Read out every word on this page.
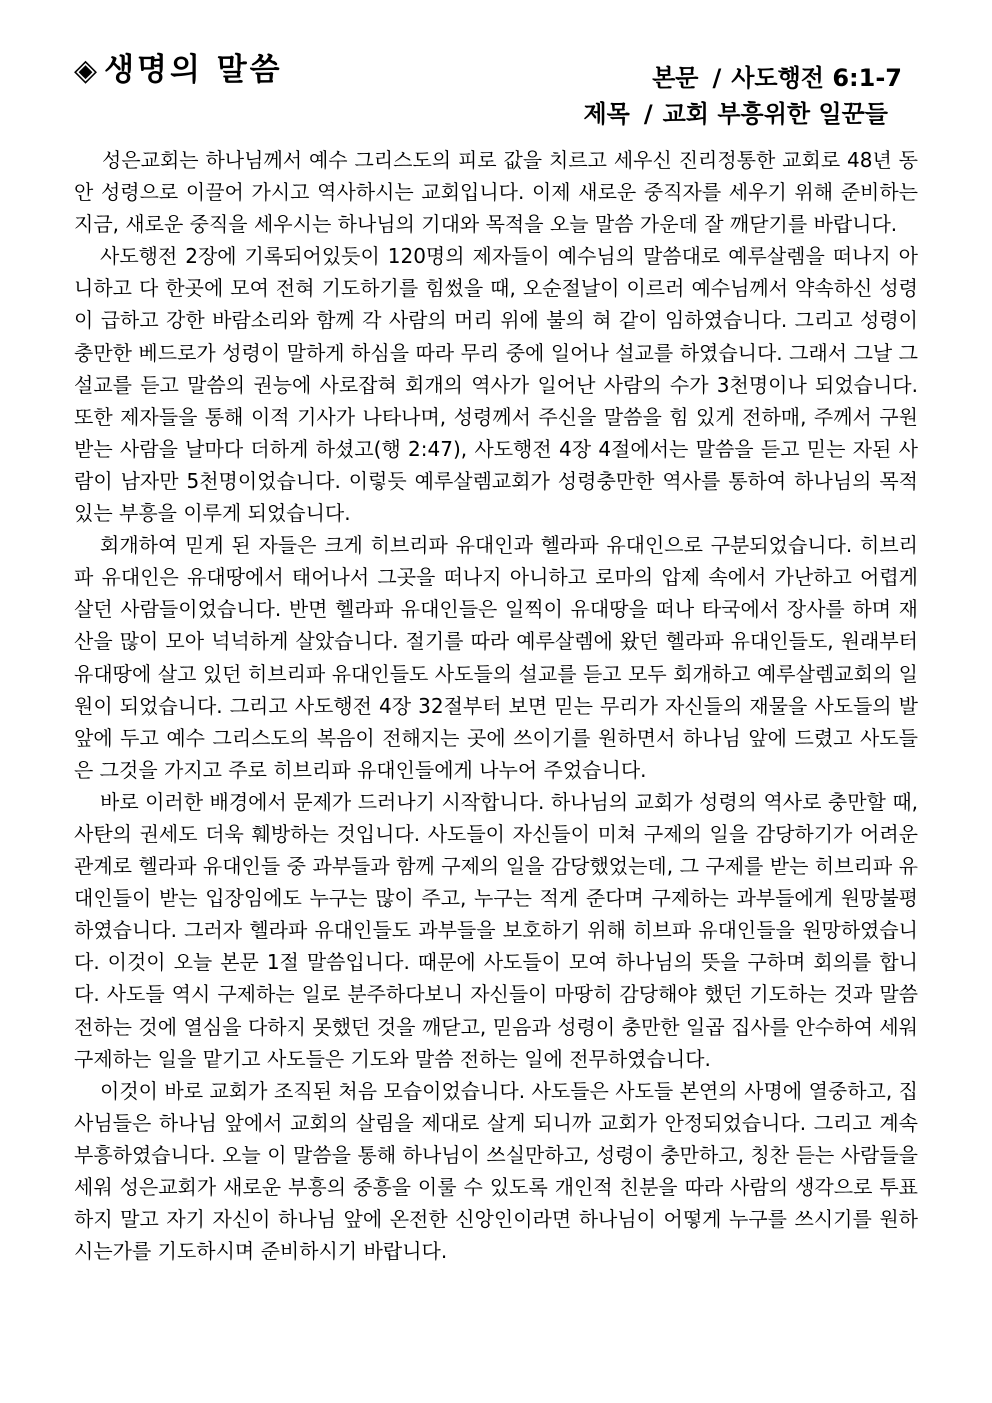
◈ 생명의 말씀	본문 / 사도행전 6:1-7
제목 / 교회 부흥위한 일꾼들

성은교회는 하나님께서 예수 그리스도의 피로 값을 치르고 세우신 진리정통한 교회로 48년 동안 성령으로 이끌어 가시고 역사하시는 교회입니다. 이제 새로운 중직자를 세우기 위해 준비하는 지금, 새로운 중직을 세우시는 하나님의 기대와 목적을 오늘 말씀 가운데 잘 깨닫기를 바랍니다.

사도행전 2장에 기록되어있듯이 120명의 제자들이 예수님의 말씀대로 예루살렘을 떠나지 아니하고 다 한곳에 모여 전혀 기도하기를 힘썼을 때, 오순절날이 이르러 예수님께서 약속하신 성령이 급하고 강한 바람소리와 함께 각 사람의 머리 위에 불의 혀 같이 임하였습니다. 그리고 성령이 충만한 베드로가 성령이 말하게 하심을 따라 무리 중에 일어나 설교를 하였습니다. 그래서 그날 그 설교를 듣고 말씀의 권능에 사로잡혀 회개의 역사가 일어난 사람의 수가 3천명이나 되었습니다. 또한 제자들을 통해 이적 기사가 나타나며, 성령께서 주신을 말씀을 힘 있게 전하매, 주께서 구원받는 사람을 날마다 더하게 하셨고(행 2:47), 사도행전 4장 4절에서는 말씀을 듣고 믿는 자된 사람이 남자만 5천명이었습니다. 이렇듯 예루살렘교회가 성령충만한 역사를 통하여 하나님의 목적 있는 부흥을 이루게 되었습니다.

회개하여 믿게 된 자들은 크게 히브리파 유대인과 헬라파 유대인으로 구분되었습니다. 히브리파 유대인은 유대땅에서 태어나서 그곳을 떠나지 아니하고 로마의 압제 속에서 가난하고 어렵게 살던 사람들이었습니다. 반면 헬라파 유대인들은 일찍이 유대땅을 떠나 타국에서 장사를 하며 재산을 많이 모아 넉넉하게 살았습니다. 절기를 따라 예루살렘에 왔던 헬라파 유대인들도, 원래부터 유대땅에 살고 있던 히브리파 유대인들도 사도들의 설교를 듣고 모두 회개하고 예루살렘교회의 일원이 되었습니다. 그리고 사도행전 4장 32절부터 보면 믿는 무리가 자신들의 재물을 사도들의 발 앞에 두고 예수 그리스도의 복음이 전해지는 곳에 쓰이기를 원하면서 하나님 앞에 드렸고 사도들은 그것을 가지고 주로 히브리파 유대인들에게 나누어 주었습니다.

바로 이러한 배경에서 문제가 드러나기 시작합니다. 하나님의 교회가 성령의 역사로 충만할 때, 사탄의 권세도 더욱 훼방하는 것입니다. 사도들이 자신들이 미쳐 구제의 일을 감당하기가 어려운 관계로 헬라파 유대인들 중 과부들과 함께 구제의 일을 감당했었는데, 그 구제를 받는 히브리파 유대인들이 받는 입장임에도 누구는 많이 주고, 누구는 적게 준다며 구제하는 과부들에게 원망불평 하였습니다. 그러자 헬라파 유대인들도 과부들을 보호하기 위해 히브파 유대인들을 원망하였습니다. 이것이 오늘 본문 1절 말씀입니다. 때문에 사도들이 모여 하나님의 뜻을 구하며 회의를 합니다. 사도들 역시 구제하는 일로 분주하다보니 자신들이 마땅히 감당해야 했던 기도하는 것과 말씀 전하는 것에 열심을 다하지 못했던 것을 깨닫고, 믿음과 성령이 충만한 일곱 집사를 안수하여 세워 구제하는 일을 맡기고 사도들은 기도와 말씀 전하는 일에 전무하였습니다.

이것이 바로 교회가 조직된 처음 모습이었습니다. 사도들은 사도들 본연의 사명에 열중하고, 집사님들은 하나님 앞에서 교회의 살림을 제대로 살게 되니까 교회가 안정되었습니다. 그리고 계속 부흥하였습니다. 오늘 이 말씀을 통해 하나님이 쓰실만하고, 성령이 충만하고, 칭찬 듣는 사람들을 세워 성은교회가 새로운 부흥의 중흥을 이룰 수 있도록 개인적 친분을 따라 사람의 생각으로 투표하지 말고 자기 자신이 하나님 앞에 온전한 신앙인이라면 하나님이 어떻게 누구를 쓰시기를 원하시는가를 기도하시며 준비하시기 바랍니다.
